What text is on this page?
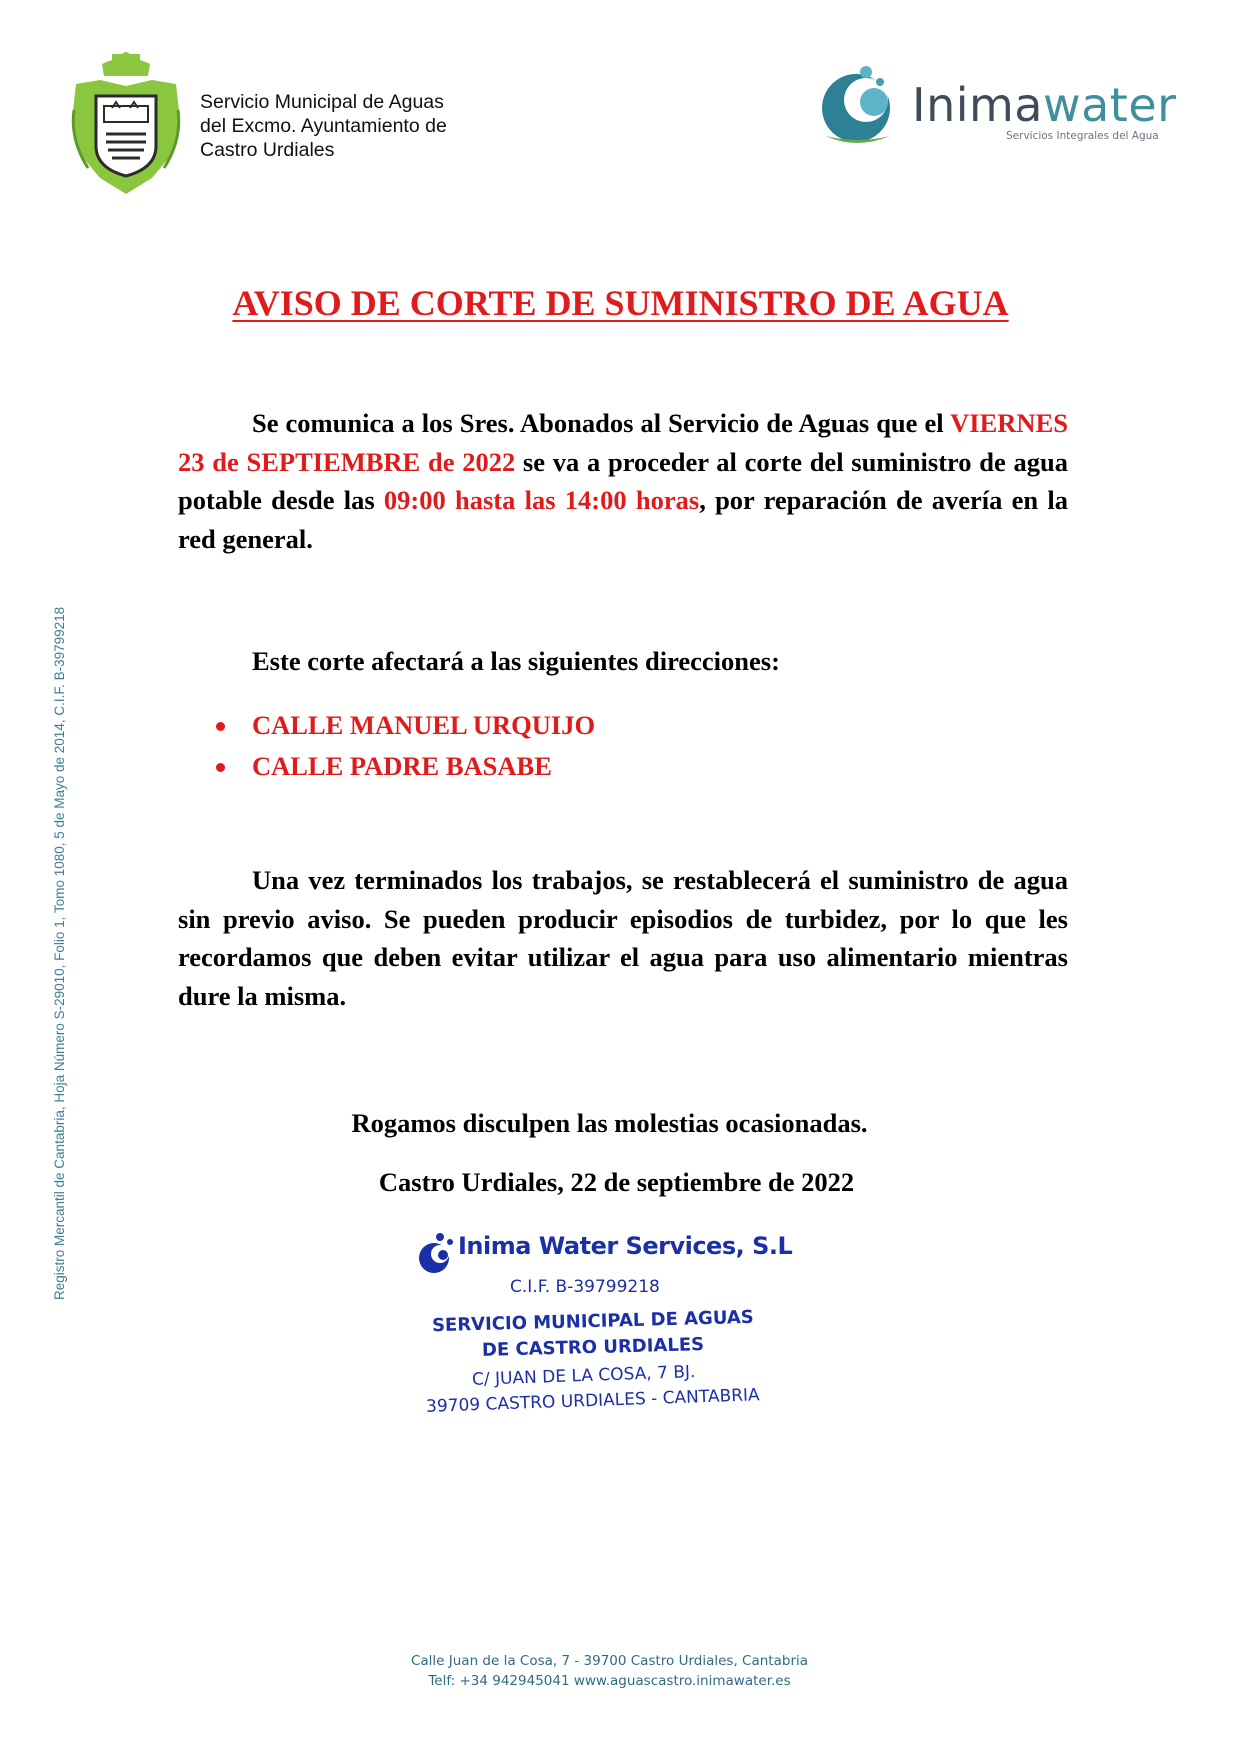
Servicio Municipal de Aguas
del Excmo. Ayuntamiento de
Castro Urdiales
Inimawater
Servicios Integrales del Agua
AVISO DE CORTE DE SUMINISTRO DE AGUA
Se comunica a los Sres. Abonados al Servicio de Aguas que el VIERNES 23 de SEPTIEMBRE de 2022 se va a proceder al corte del suministro de agua potable desde las 09:00 hasta las 14:00 horas, por reparación de avería en la red general.
Este corte afectará a las siguientes direcciones:
CALLE MANUEL URQUIJO
CALLE PADRE BASABE
Una vez terminados los trabajos, se restablecerá el suministro de agua sin previo aviso. Se pueden producir episodios de turbidez, por lo que les recordamos que deben evitar utilizar el agua para uso alimentario mientras dure la misma.
Rogamos disculpen las molestias ocasionadas.
Castro Urdiales, 22 de septiembre de 2022
Inima Water Services, S.L
C.I.F. B-39799218
SERVICIO MUNICIPAL DE AGUAS
DE CASTRO URDIALES
C/ JUAN DE LA COSA, 7 BJ.
39709 CASTRO URDIALES - CANTABRIA
Registro Mercantil de Cantabria, Hoja Número S-29010, Folio 1, Tomo 1080, 5 de Mayo de 2014, C.I.F. B-39799218
Calle Juan de la Cosa, 7 - 39700 Castro Urdiales, Cantabria
Telf: +34 942945041 www.aguascastro.inimawater.es
